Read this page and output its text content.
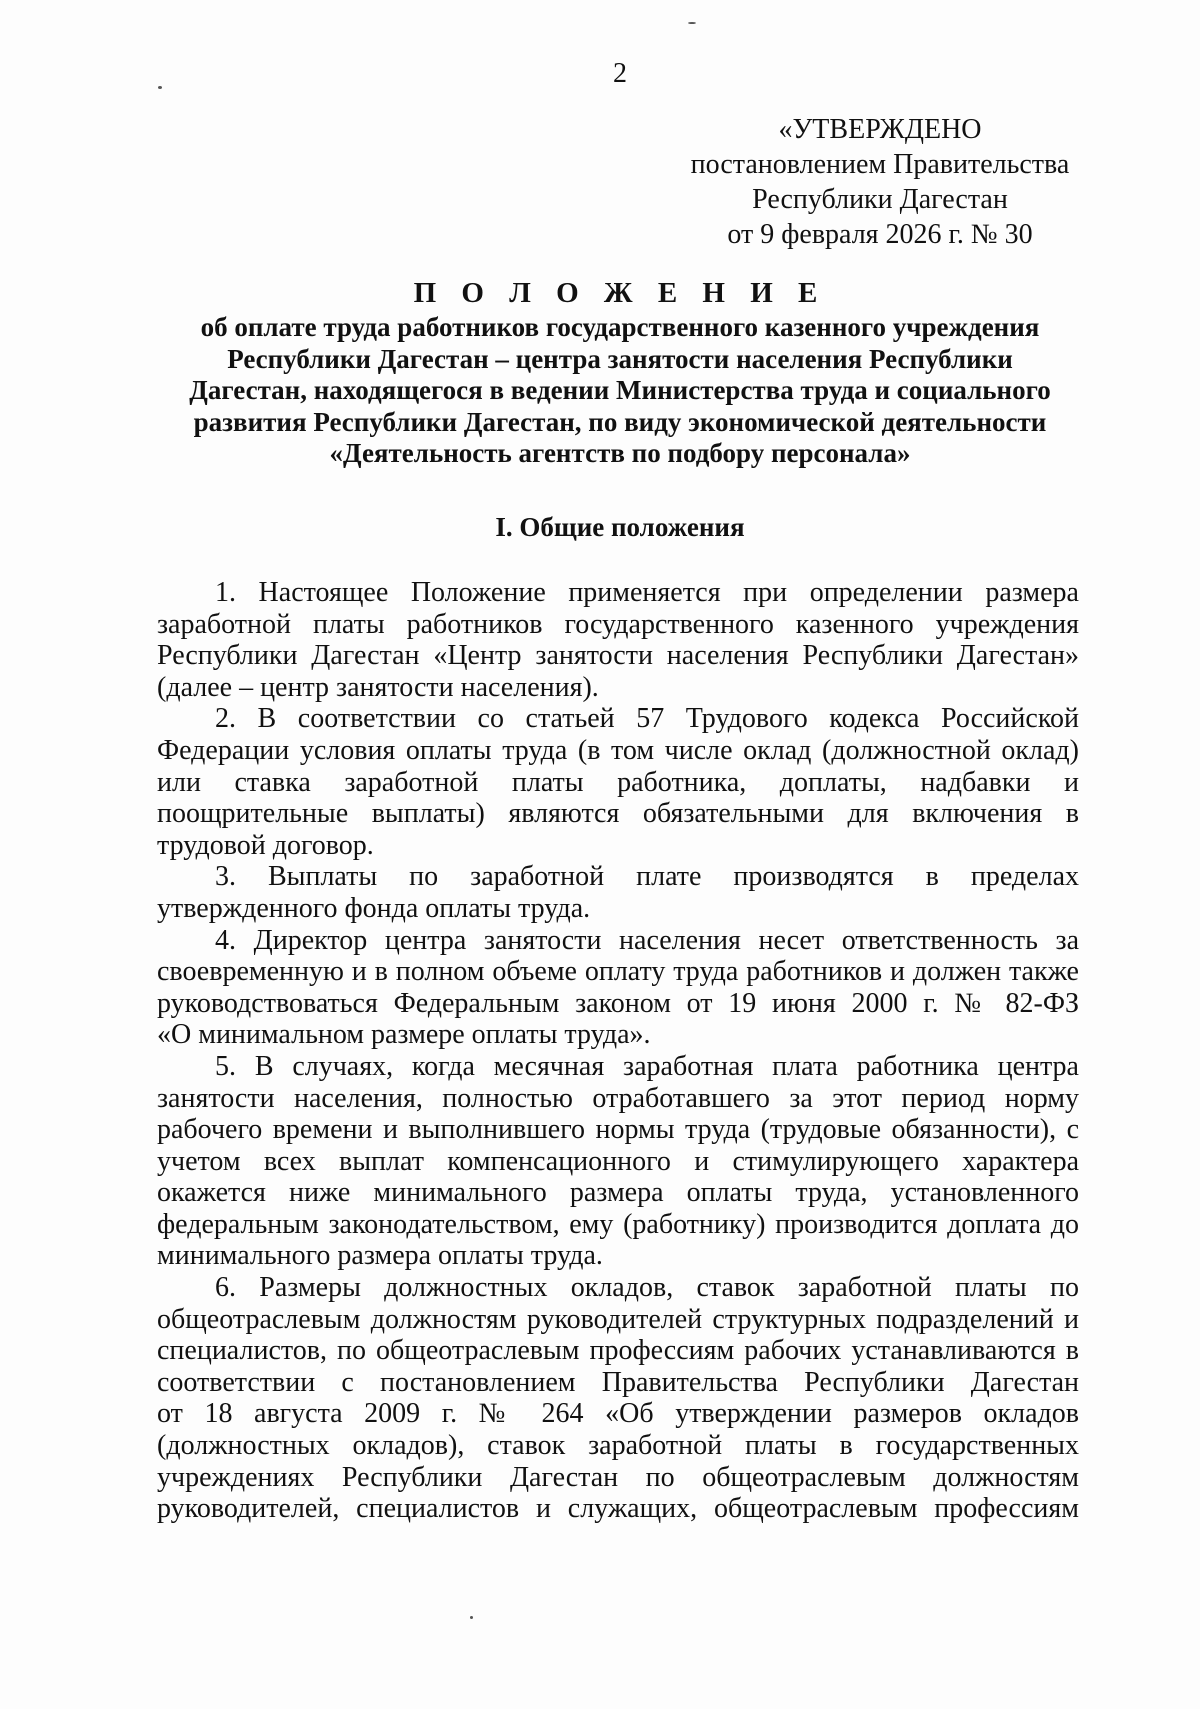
2
«УТВЕРЖДЕНО
постановлением Правительства
Республики Дагестан
от 9 февраля 2026 г. № 30
П О Л О Ж Е Н И Е
об оплате труда работников государственного казенного учреждения
Республики Дагестан – центра занятости населения Республики
Дагестан, находящегося в ведении Министерства труда и социального
развития Республики Дагестан, по виду экономической деятельности
«Деятельность агентств по подбору персонала»
I. Общие положения
1. Настоящее Положение применяется при определении размера
заработной платы работников государственного казенного учреждения
Республики Дагестан «Центр занятости населения Республики Дагестан»
(далее – центр занятости населения).
2. В соответствии со статьей 57 Трудового кодекса Российской
Федерации условия оплаты труда (в том числе оклад (должностной оклад)
или ставка заработной платы работника, доплаты, надбавки и
поощрительные выплаты) являются обязательными для включения в
трудовой договор.
3. Выплаты по заработной плате производятся в пределах
утвержденного фонда оплаты труда.
4. Директор центра занятости населения несет ответственность за
своевременную и в полном объеме оплату труда работников и должен также
руководствоваться Федеральным законом от 19 июня 2000 г. № 82-ФЗ
«О минимальном размере оплаты труда».
5. В случаях, когда месячная заработная плата работника центра
занятости населения, полностью отработавшего за этот период норму
рабочего времени и выполнившего нормы труда (трудовые обязанности), с
учетом всех выплат компенсационного и стимулирующего характера
окажется ниже минимального размера оплаты труда, установленного
федеральным законодательством, ему (работнику) производится доплата до
минимального размера оплаты труда.
6. Размеры должностных окладов, ставок заработной платы по
общеотраслевым должностям руководителей структурных подразделений и
специалистов, по общеотраслевым профессиям рабочих устанавливаются в
соответствии с постановлением Правительства Республики Дагестан
от 18 августа 2009 г. № 264 «Об утверждении размеров окладов
(должностных окладов), ставок заработной платы в государственных
учреждениях Республики Дагестан по общеотраслевым должностям
руководителей, специалистов и служащих, общеотраслевым профессиям
